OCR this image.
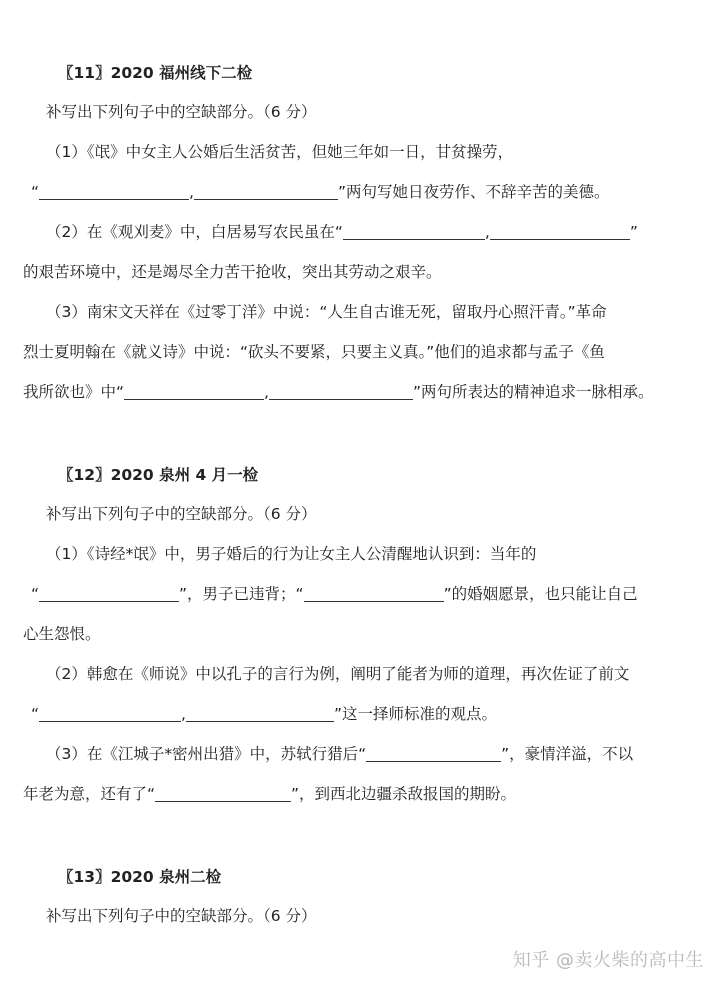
〖11〗2020 福州线下二检
补写出下列句子中的空缺部分。（6 分）
（1）《氓》中女主人公婚后生活贫苦，但她三年如一日，甘贫操劳，
“	,	”两句写她日夜劳作、不辞辛苦的美德。
（2）在《观刈麦》中，白居易写农民虽在“	,	”
的艰苦环境中，还是竭尽全力苦干抢收，突出其劳动之艰辛。
（3）南宋文天祥在《过零丁洋》中说：“人生自古谁无死，留取丹心照汗青。”革命
烈士夏明翰在《就义诗》中说：“砍头不要紧，只要主义真。”他们的追求都与孟子《鱼
我所欲也》中“	,	”两句所表达的精神追求一脉相承。
〖12〗2020 泉州 4 月一检
补写出下列句子中的空缺部分。（6 分）
（1）《诗经*氓》中，男子婚后的行为让女主人公清醒地认识到：当年的
“	”，男子已违背；“	”的婚姻愿景，也只能让自己
心生怨恨。
（2）韩愈在《师说》中以孔子的言行为例，阐明了能者为师的道理，再次佐证了前文
“	,	”这一择师标准的观点。
（3）在《江城子*密州出猎》中，苏轼行猎后“	”，豪情洋溢，不以
年老为意，还有了“	”，到西北边疆杀敌报国的期盼。
〖13〗2020 泉州二检
补写出下列句子中的空缺部分。（6 分）
知乎 @卖火柴的高中生
